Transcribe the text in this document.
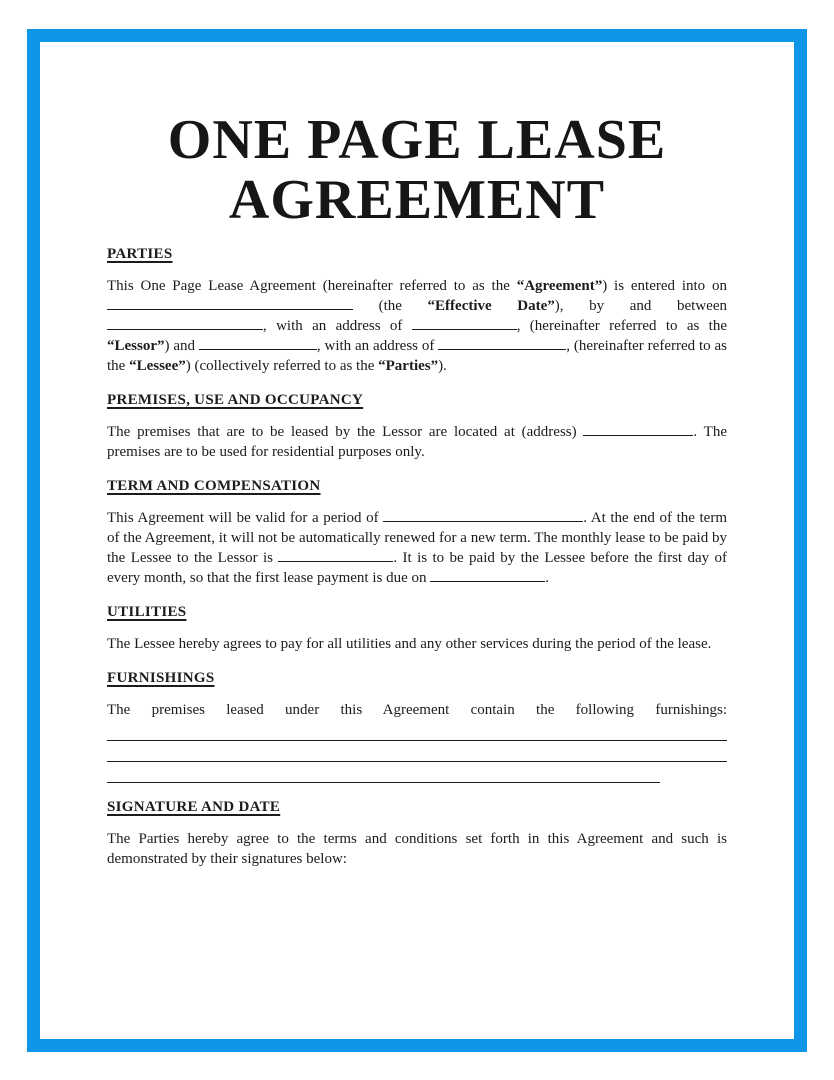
ONE PAGE LEASE
AGREEMENT
PARTIES

This One Page Lease Agreement (hereinafter referred to as the “Agreement”) is entered into on  (the “Effective Date”), by and between , with an address of	, (hereinafter referred to as the “Lessor”) and	, with an address of	, (hereinafter referred to as the “Lessee”) (collectively referred to as the “Parties”).

PREMISES, USE AND OCCUPANCY

The premises that are to be leased by the Lessor are located at (address)	. The premises are to be used for residential purposes only.

TERM AND COMPENSATION

This Agreement will be valid for a period of	. At the end of the term of the Agreement, it will not be automatically renewed for a new term. The monthly lease to be paid by the Lessee to the Lessor is	. It is to be paid by the Lessee before the first day of every month, so that the first lease payment is due on	.

UTILITIES

The Lessee hereby agrees to pay for all utilities and any other services during the period of the lease.

FURNISHINGS

The premises leased under this Agreement contain the following furnishings:

SIGNATURE AND DATE

The Parties hereby agree to the terms and conditions set forth in this Agreement and such is demonstrated by their signatures below:
